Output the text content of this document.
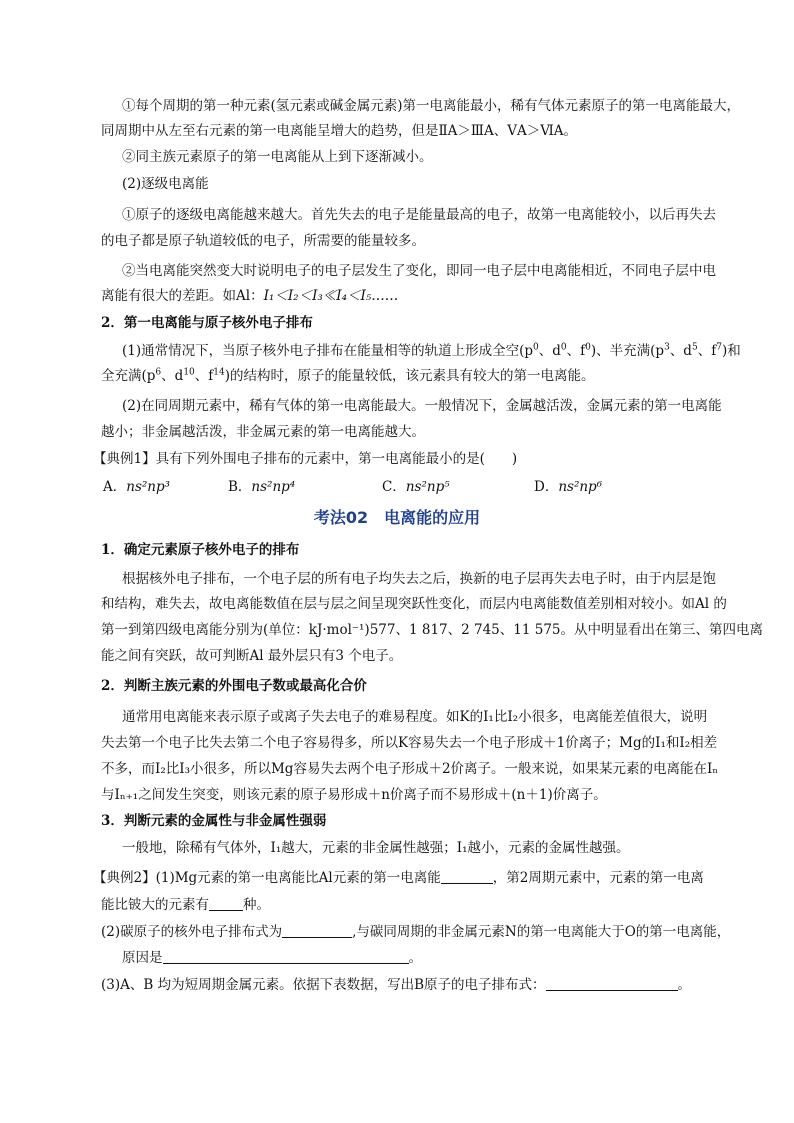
①每个周期的第一种元素(氢元素或碱金属元素)第一电离能最小，稀有气体元素原子的第一电离能最大，
同周期中从左至右元素的第一电离能呈增大的趋势，但是ⅡA＞ⅢA、ⅤA＞ⅥA。
②同主族元素原子的第一电离能从上到下逐渐减小。
(2)逐级电离能
①原子的逐级电离能越来越大。首先失去的电子是能量最高的电子，故第一电离能较小，以后再失去
的电子都是原子轨道较低的电子，所需要的能量较多。
②当电离能突然变大时说明电子的电子层发生了变化，即同一电子层中电离能相近，不同电子层中电
离能有很大的差距。如Al：I₁＜I₂＜I₃≪I₄＜I₅……
2．第一电离能与原子核外电子排布
(1)通常情况下，当原子核外电子排布在能量相等的轨道上形成全空($p^0$、$d^0$、$f^0$)、半充满($p^3$、$d^5$、$f^7$)和
全充满($p^6$、$d^{10}$、$f^{14}$)的结构时，原子的能量较低，该元素具有较大的第一电离能。
(2)在同周期元素中，稀有气体的第一电离能最大。一般情况下，金属越活泼，金属元素的第一电离能
越小；非金属越活泼，非金属元素的第一电离能越大。
【典例1】具有下列外围电子排布的元素中，第一电离能最小的是(　　)
A．ns²np³	B．ns²np⁴	C．ns²np⁵	D．ns²np⁶
考法02　电离能的应用
1．确定元素原子核外电子的排布
根据核外电子排布，一个电子层的所有电子均失去之后，换新的电子层再失去电子时，由于内层是饱
和结构，难失去，故电离能数值在层与层之间呈现突跃性变化，而层内电离能数值差别相对较小。如Al 的
第一到第四级电离能分别为(单位：kJ·mol⁻¹)577、1 817、2 745、11 575。从中明显看出在第三、第四电离
能之间有突跃，故可判断Al 最外层只有3 个电子。
2．判断主族元素的外围电子数或最高化合价
通常用电离能来表示原子或离子失去电子的难易程度。如K的I₁比I₂小很多，电离能差值很大，说明
失去第一个电子比失去第二个电子容易得多，所以K容易失去一个电子形成＋1价离子；Mg的I₁和I₂相差
不多，而I₂比I₃小很多，所以Mg容易失去两个电子形成＋2价离子。一般来说，如果某元素的电离能在Iₙ
与Iₙ₊₁之间发生突变，则该元素的原子易形成＋n价离子而不易形成＋(n＋1)价离子。
3．判断元素的金属性与非金属性强弱
一般地，除稀有气体外，I₁越大，元素的非金属性越强；I₁越小，元素的金属性越强。
【典例2】(1)Mg元素的第一电离能比Al元素的第一电离能	，第2周期元素中，元素的第一电离
能比铍大的元素有	种。
(2)碳原子的核外电子排布式为	,与碳同周期的非金属元素N的第一电离能大于O的第一电离能，
原因是	。
(3)A、B 均为短周期金属元素。依据下表数据，写出B原子的电子排布式：	。
